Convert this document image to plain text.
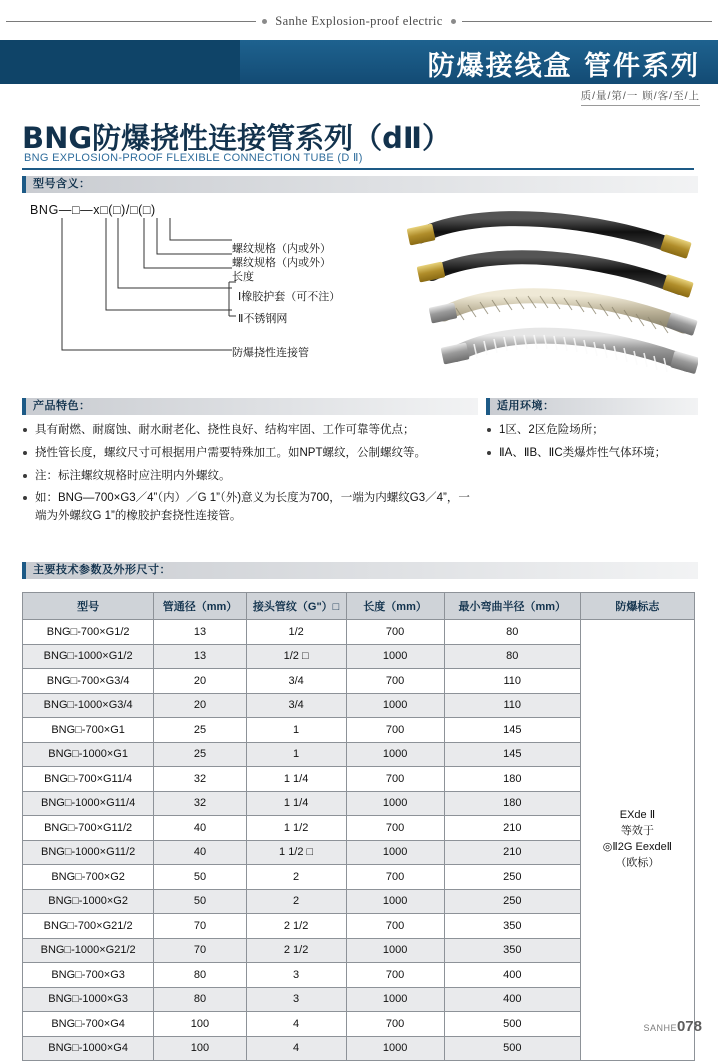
Sanhe Explosion-proof electric
防爆接线盒 管件系列
质/量/第/一 顾/客/至/上
BNG防爆挠性连接管系列（dⅡ）
BNG EXPLOSION-PROOF FLEXIBLE CONNECTION TUBE (D Ⅱ)
型号含义：
BNG—□—x□(□)/□(□)
螺纹规格（内或外）
螺纹规格（内或外）
长度
Ⅰ橡胶护套（可不注）
Ⅱ不锈钢网
防爆挠性连接管
产品特色：	适用环境：
具有耐燃、耐腐蚀、耐水耐老化、挠性良好、结构牢固、工作可靠等优点；
挠性管长度，螺纹尺寸可根据用户需要特殊加工。如NPT螺纹，公制螺纹等。
注：标注螺纹规格时应注明内外螺纹。
如：BNG—700×G3／4”（内）／G 1”（外)意义为长度为700，一端为内螺纹G3／4”，一端为外螺纹G 1”的橡胶护套挠性连接管。
1区、2区危险场所；
ⅡA、ⅡB、ⅡC类爆炸性气体环境；
主要技术参数及外形尺寸：
型号	管通径（mm）	接头管纹（G"）□	长度（mm）	最小弯曲半径（mm）	防爆标志
BNG□-700×G1/2	13	1/2	700	80	EXde Ⅱ
等效于
◎Ⅱ2G EexdeⅡ
（欧标）

BNG□-1000×G1/2	13	1/2 □	1000	80	
BNG□-700×G3/4	20	3/4	700	110	
BNG□-1000×G3/4	20	3/4	1000	110	
BNG□-700×G1	25	1	700	145	
BNG□-1000×G1	25	1	1000	145	
BNG□-700×G11/4	32	1 1/4	700	180	
BNG□-1000×G11/4	32	1 1/4	1000	180	
BNG□-700×G11/2	40	1 1/2	700	210	
BNG□-1000×G11/2	40	1 1/2 □	1000	210	
BNG□-700×G2	50	2	700	250	
BNG□-1000×G2	50	2	1000	250	
BNG□-700×G21/2	70	2 1/2	700	350	
BNG□-1000×G21/2	70	2 1/2	1000	350	
BNG□-700×G3	80	3	700	400	
BNG□-1000×G3	80	3	1000	400	
BNG□-700×G4	100	4	700	500	
BNG□-1000×G4	100	4	1000	500	
SANHE078
